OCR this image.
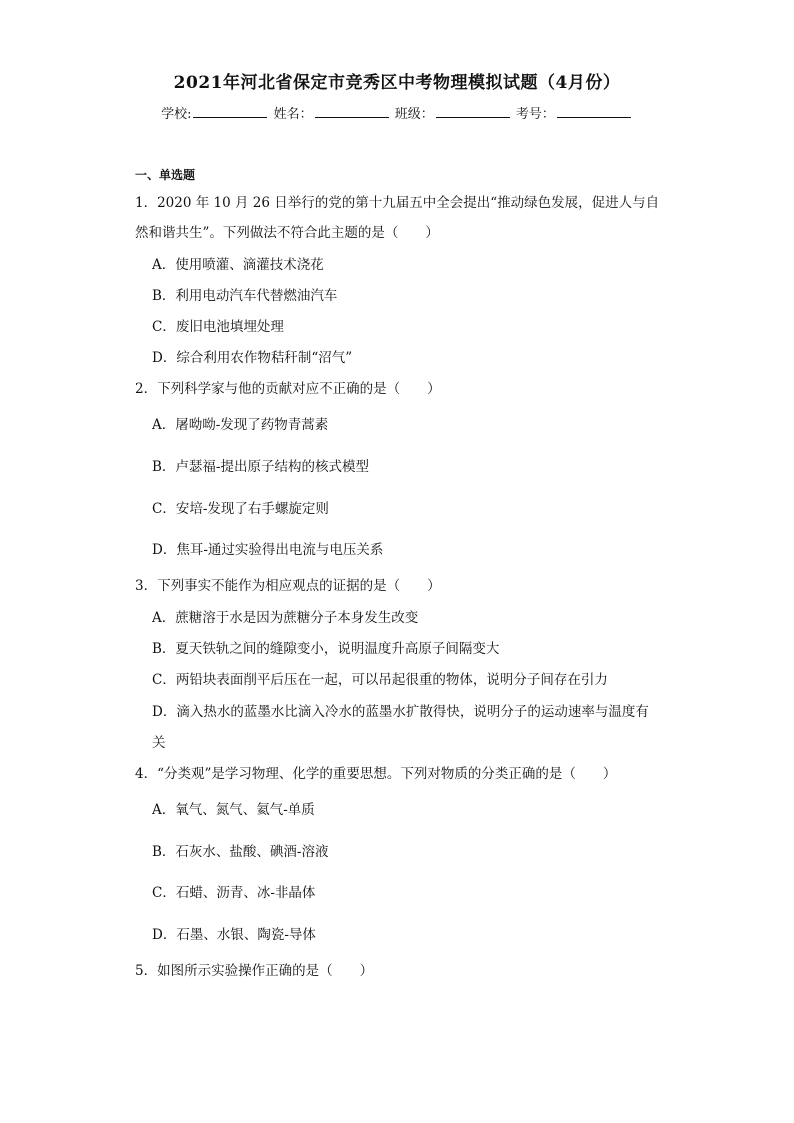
2021年河北省保定市竞秀区中考物理模拟试题（4月份）
学校:	姓名：	班级：	考号：
一、单选题
1．2020 年 10 月 26 日举行的党的第十九届五中全会提出“推动绿色发展，促进人与自
然和谐共生”。下列做法不符合此主题的是（　　）
A．使用喷灌、滴灌技术浇花
B．利用电动汽车代替燃油汽车
C．废旧电池填埋处理
D．综合利用农作物秸秆制“沼气”
2．下列科学家与他的贡献对应不正确的是（　　）
A．屠呦呦-发现了药物青蒿素
B．卢瑟福-提出原子结构的核式模型
C．安培-发现了右手螺旋定则
D．焦耳-通过实验得出电流与电压关系
3．下列事实不能作为相应观点的证据的是（　　）
A．蔗糖溶于水是因为蔗糖分子本身发生改变
B．夏天铁轨之间的缝隙变小，说明温度升高原子间隔变大
C．两铅块表面削平后压在一起，可以吊起很重的物体，说明分子间存在引力
D．滴入热水的蓝墨水比滴入冷水的蓝墨水扩散得快，说明分子的运动速率与温度有
关
4．“分类观”是学习物理、化学的重要思想。下列对物质的分类正确的是（　　）
A．氧气、氮气、氦气-单质
B．石灰水、盐酸、碘酒-溶液
C．石蜡、沥青、冰-非晶体
D．石墨、水银、陶瓷-导体
5．如图所示实验操作正确的是（　　）
